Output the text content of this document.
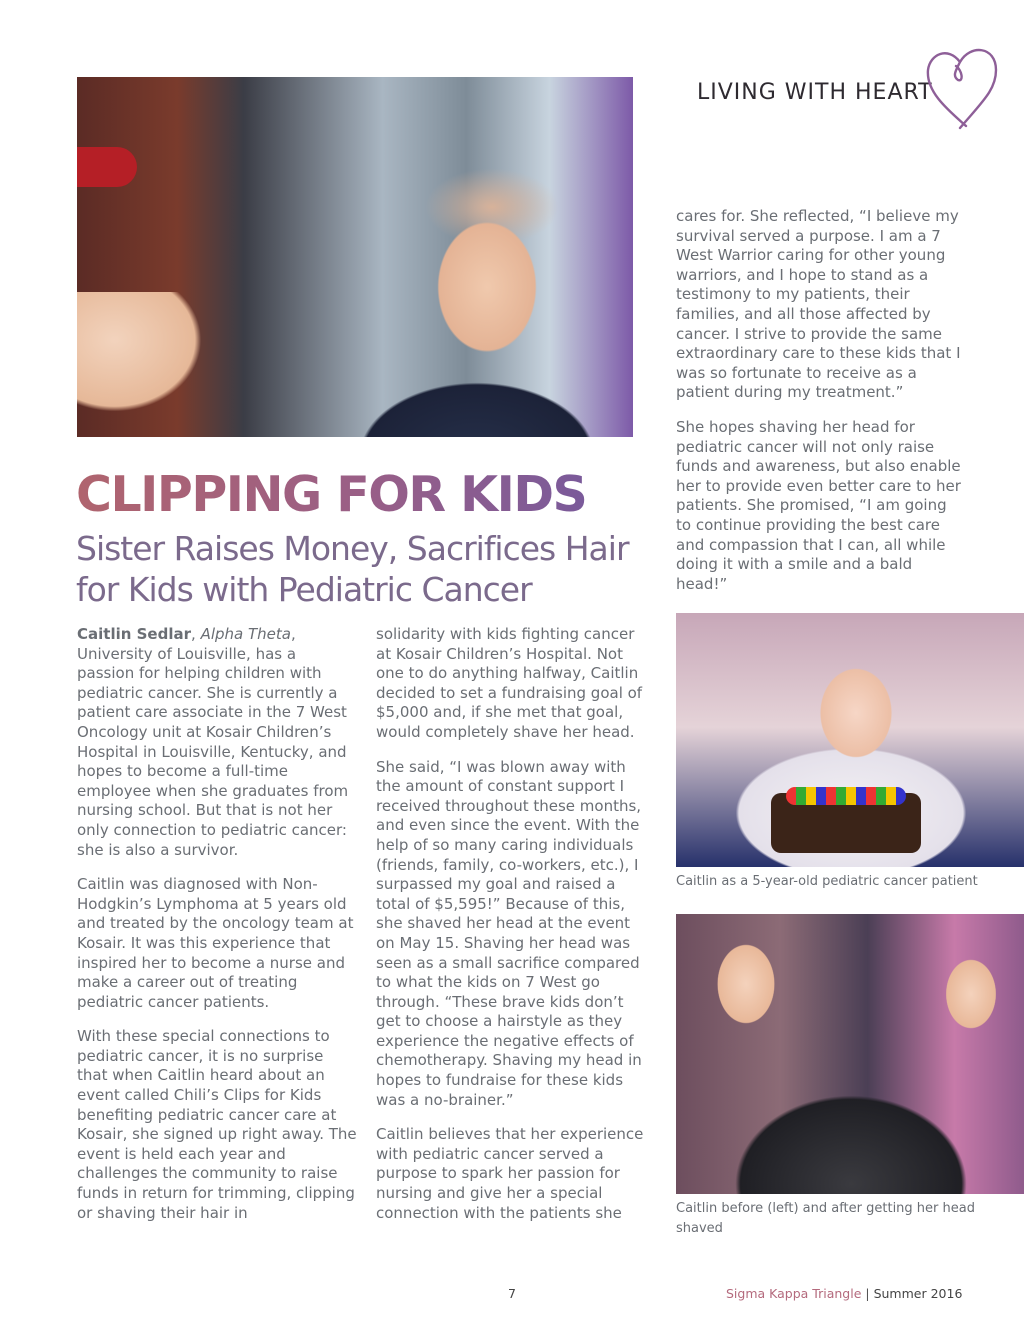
LIVING WITH HEART
CLIPPING FOR KIDS
Sister Raises Money, Sacrifices Hair for Kids with Pediatric Cancer

Caitlin Sedlar, Alpha Theta, University of Louisville, has a passion for helping children with pediatric cancer. She is currently a patient care associate in the 7 West Oncology unit at Kosair Children’s Hospital in Louisville, Kentucky, and hopes to become a full-time employee when she graduates from nursing school. But that is not her only connection to pediatric cancer: she is also a survivor.

Caitlin was diagnosed with Non-Hodgkin’s Lymphoma at 5 years old and treated by the oncology team at Kosair. It was this experience that inspired her to become a nurse and make a career out of treating pediatric cancer patients.

With these special connections to pediatric cancer, it is no surprise that when Caitlin heard about an event called Chili’s Clips for Kids benefiting pediatric cancer care at Kosair, she signed up right away. The event is held each year and challenges the community to raise funds in return for trimming, clipping or shaving their hair in

solidarity with kids fighting cancer at Kosair Children’s Hospital. Not one to do anything halfway, Caitlin decided to set a fundraising goal of $5,000 and, if she met that goal, would completely shave her head.

She said, “I was blown away with the amount of constant support I received throughout these months, and even since the event. With the help of so many caring individuals (friends, family, co-workers, etc.), I surpassed my goal and raised a total of $5,595!” Because of this, she shaved her head at the event on May 15. Shaving her head was seen as a small sacrifice compared to what the kids on 7 West go through. “These brave kids don’t get to choose a hairstyle as they experience the negative effects of chemotherapy. Shaving my head in hopes to fundraise for these kids was a no-brainer.”

Caitlin believes that her experience with pediatric cancer served a purpose to spark her passion for nursing and give her a special connection with the patients she

cares for. She reflected, “I believe my survival served a purpose. I am a 7 West Warrior caring for other young warriors, and I hope to stand as a testimony to my patients, their families, and all those affected by cancer. I strive to provide the same extraordinary care to these kids that I was so fortunate to receive as a patient during my treatment.”

She hopes shaving her head for pediatric cancer will not only raise funds and awareness, but also enable her to provide even better care to her patients. She promised, “I am going to continue providing the best care and compassion that I can, all while doing it with a smile and a bald head!”

Caitlin as a 5-year-old pediatric cancer patient
Caitlin before (left) and after getting her head shaved
7	Sigma Kappa Triangle | Summer 2016
